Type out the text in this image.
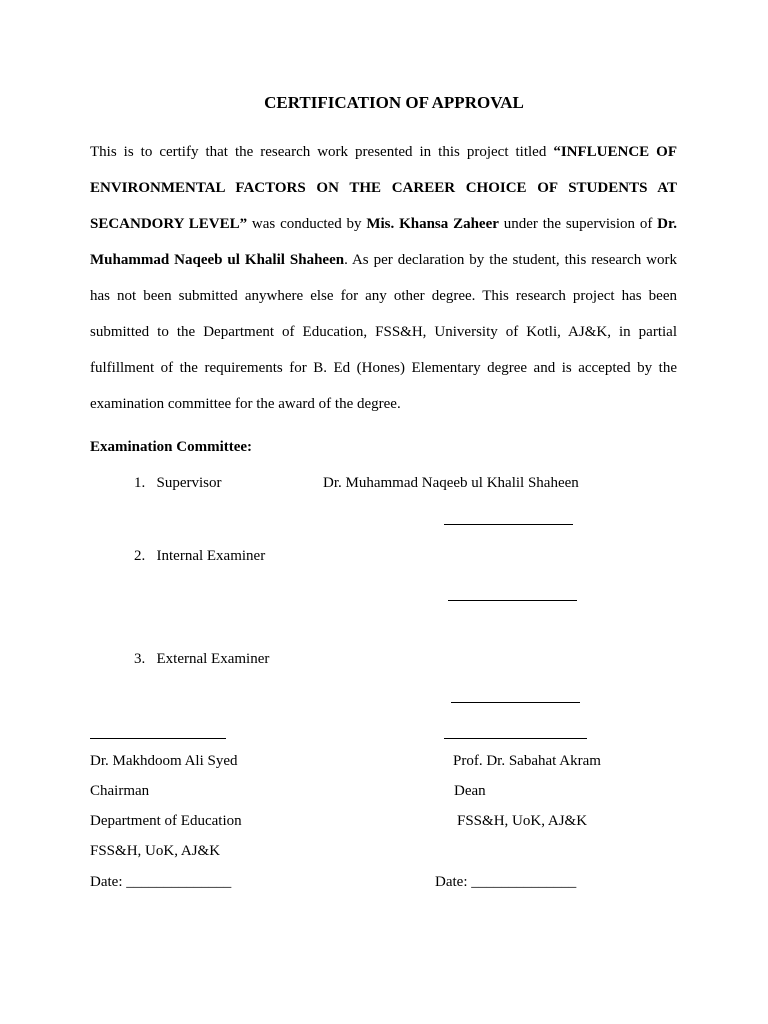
CERTIFICATION OF APPROVAL
This is to certify that the research work presented in this project titled “INFLUENCE OF ENVIRONMENTAL FACTORS ON THE CAREER CHOICE OF STUDENTS AT SECANDORY LEVEL” was conducted by Mis. Khansa Zaheer under the supervision of Dr. Muhammad Naqeeb ul Khalil Shaheen. As per declaration by the student, this research work has not been submitted anywhere else for any other degree. This research project has been submitted to the Department of Education, FSS&H, University of Kotli, AJ&K, in partial fulfillment of the requirements for B. Ed (Hones) Elementary degree and is accepted by the examination committee for the award of the degree.
Examination Committee:
1.   Supervisor	Dr. Muhammad Naqeeb ul Khalil Shaheen
2.   Internal Examiner
3.   External Examiner
Dr. Makhdoom Ali Syed
Chairman
Department of Education
FSS&H, UoK, AJ&K
Date: ______________
Prof. Dr. Sabahat Akram
Dean
FSS&H, UoK, AJ&K
Date: ______________
